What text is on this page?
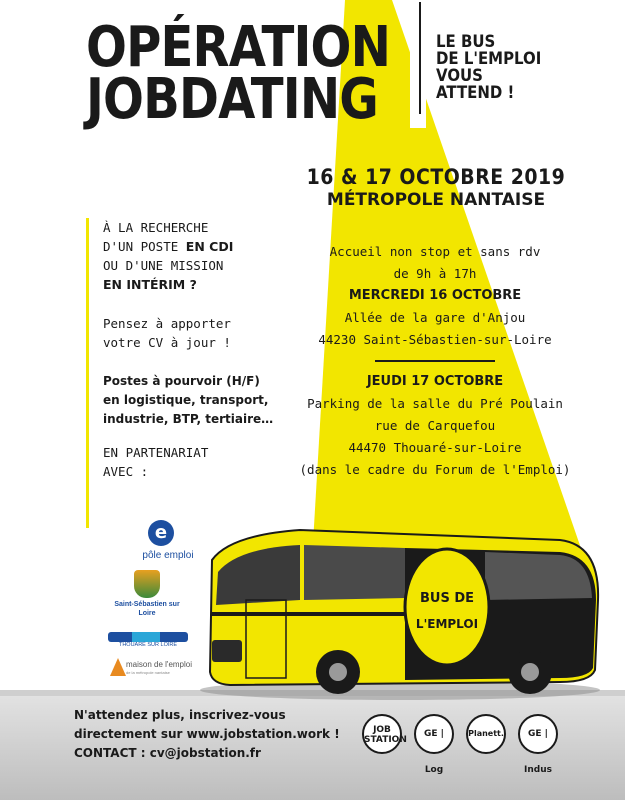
OPÉRATION
JOBDATING
LE BUS
DE L'EMPLOI
VOUS
ATTEND !
16 & 17 OCTOBRE 2019
MÉTROPOLE NANTAISE
Accueil non stop et sans rdv
de 9h à 17h
MERCREDI 16 OCTOBRE
Allée de la gare d'Anjou
44230 Saint-Sébastien-sur-Loire
JEUDI 17 OCTOBRE
Parking de la salle du Pré Poulain
rue de Carquefou
44470 Thouaré-sur-Loire
(dans le cadre du Forum de l'Emploi)
À LA RECHERCHE
D'UN POSTE EN CDI
OU D'UNE MISSION
EN INTÉRIM ?
Pensez à apporter
votre CV à jour !
Postes à pourvoir (H/F)
en logistique, transport,
industrie, BTP, tertiaire…
EN PARTENARIAT
AVEC :
e
pôle emploi
Saint-Sébastien sur Loire
THOUARÉ SUR LOIRE
maison de l'emploi
de la métropole nantaise
BUS DE
L'EMPLOI
N'attendez plus, inscrivez-vous
directement sur www.jobstation.work !
CONTACT : cv@jobstation.fr
JOB STATION
GE | Log
Planett.	GE | Indus
